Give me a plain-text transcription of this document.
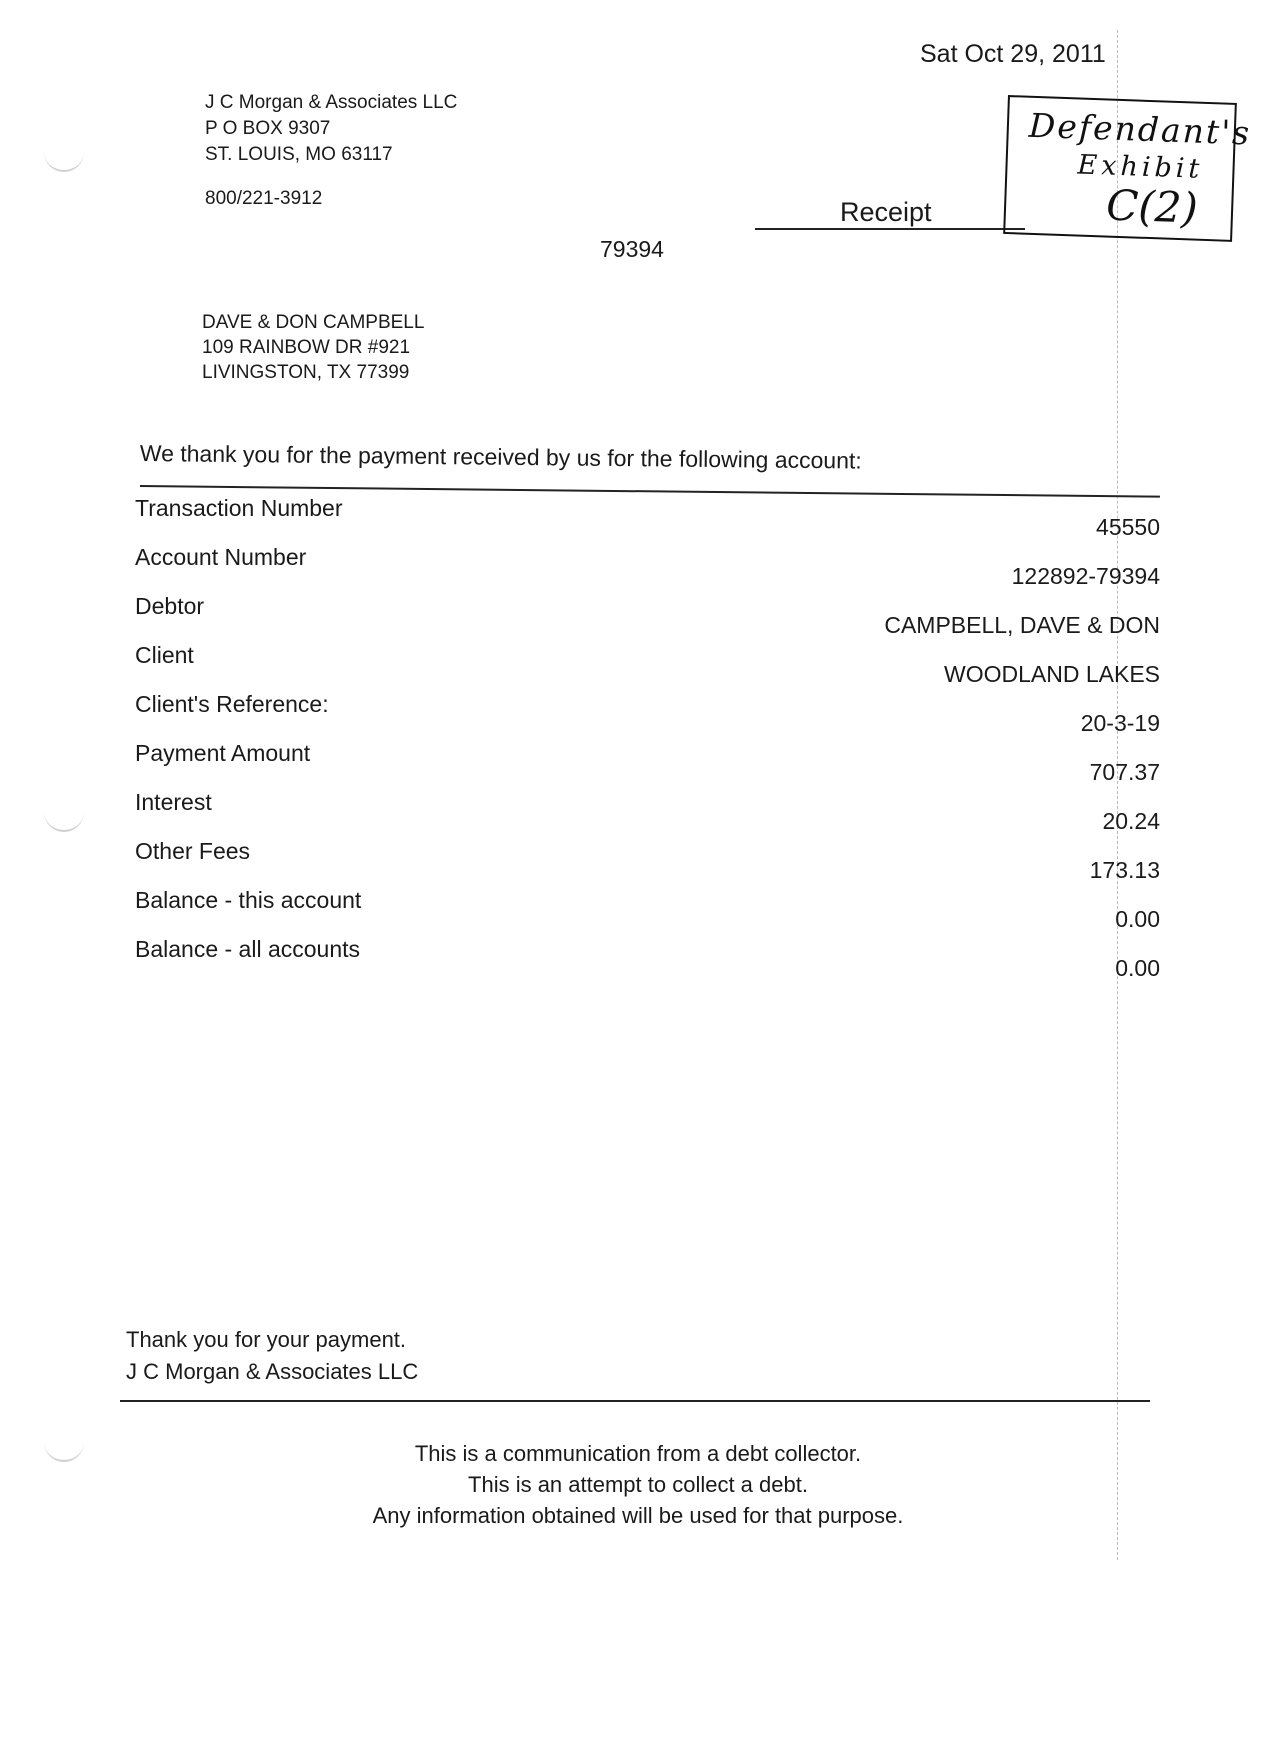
Sat Oct 29, 2011
J C Morgan & Associates LLC
P O BOX 9307
ST. LOUIS, MO 63117
800/221-3912	Receipt
79394
Defendant's
Exhibit
C(2)
DAVE & DON CAMPBELL
109 RAINBOW DR #921
LIVINGSTON, TX 77399
We thank you for the payment received by us for the following account:
Transaction Number
45550
Account Number
122892-79394
Debtor
CAMPBELL, DAVE & DON
Client
WOODLAND LAKES
Client's Reference:
20-3-19
Payment Amount
707.37
Interest
20.24
Other Fees
173.13
Balance - this account
0.00
Balance - all accounts
0.00
Thank you for your payment.
J C Morgan & Associates LLC
This is a communication from a debt collector.
This is an attempt to collect a debt.
Any information obtained will be used for that purpose.
